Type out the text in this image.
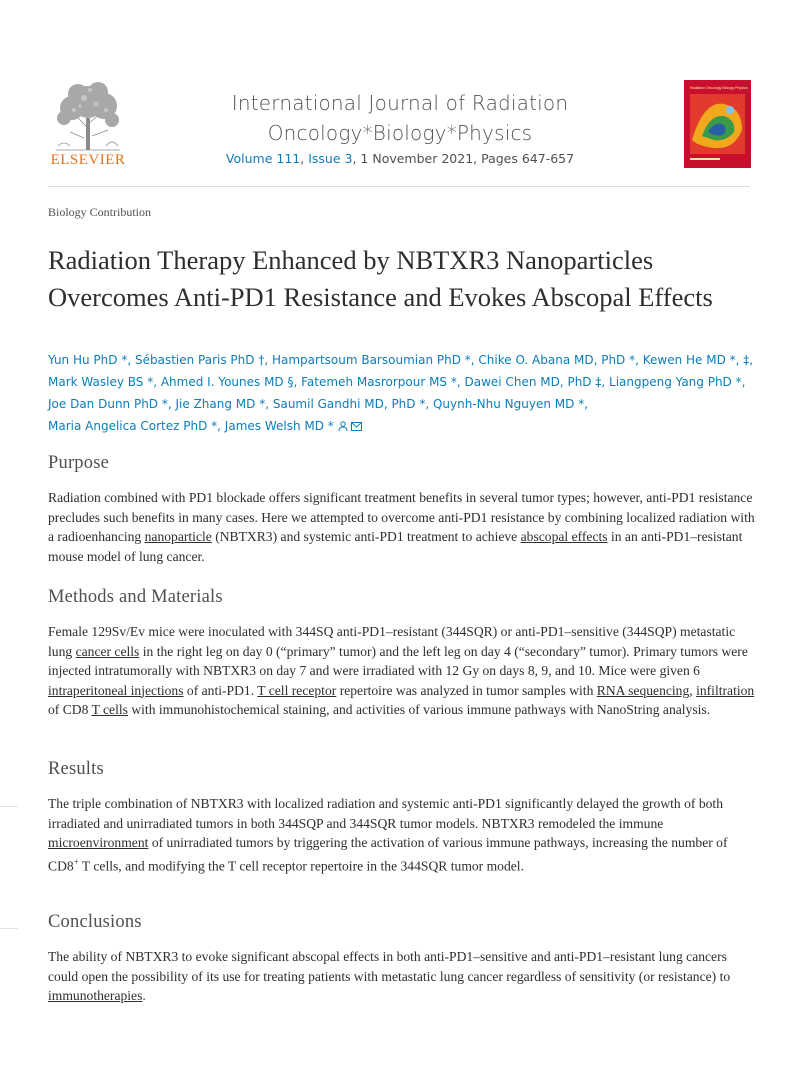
ELSEVIER
International Journal of Radiation
Oncology*Biology*Physics
Volume 111, Issue 3, 1 November 2021, Pages 647-657
Radiation Oncology Biology Physics
Biology Contribution
Radiation Therapy Enhanced by NBTXR3 Nanoparticles Overcomes Anti-PD1 Resistance and Evokes Abscopal Effects
Yun Hu PhD *, Sébastien Paris PhD †, Hampartsoum Barsoumian PhD *, Chike O. Abana MD, PhD *, Kewen He MD *, ‡, Mark Wasley BS *, Ahmed I. Younes MD §, Fatemeh Masrorpour MS *, Dawei Chen MD, PhD ‡, Liangpeng Yang PhD *, Joe Dan Dunn PhD *, Jie Zhang MD *, Saumil Gandhi MD, PhD *, Quynh-Nhu Nguyen MD *, Maria Angelica Cortez PhD *, James Welsh MD *
Purpose

Radiation combined with PD1 blockade offers significant treatment benefits in several tumor types; however, anti-PD1 resistance precludes such benefits in many cases. Here we attempted to overcome anti-PD1 resistance by combining localized radiation with a radioenhancing nanoparticle (NBTXR3) and systemic anti-PD1 treatment to achieve abscopal effects in an anti-PD1–resistant mouse model of lung cancer.

Methods and Materials

Female 129Sv/Ev mice were inoculated with 344SQ anti-PD1–resistant (344SQR) or anti-PD1–sensitive (344SQP) metastatic lung cancer cells in the right leg on day 0 (“primary” tumor) and the left leg on day 4 (“secondary” tumor). Primary tumors were injected intratumorally with NBTXR3 on day 7 and were irradiated with 12 Gy on days 8, 9, and 10. Mice were given 6 intraperitoneal injections of anti-PD1. T cell receptor repertoire was analyzed in tumor samples with RNA sequencing, infiltration of CD8 T cells with immunohistochemical staining, and activities of various immune pathways with NanoString analysis.

Results

The triple combination of NBTXR3 with localized radiation and systemic anti-PD1 significantly delayed the growth of both irradiated and unirradiated tumors in both 344SQP and 344SQR tumor models. NBTXR3 remodeled the immune microenvironment of unirradiated tumors by triggering the activation of various immune pathways, increasing the number of CD8+ T cells, and modifying the T cell receptor repertoire in the 344SQR tumor model.

Conclusions

The ability of NBTXR3 to evoke significant abscopal effects in both anti-PD1–sensitive and anti-PD1–resistant lung cancers could open the possibility of its use for treating patients with metastatic lung cancer regardless of sensitivity (or resistance) to immunotherapies.
